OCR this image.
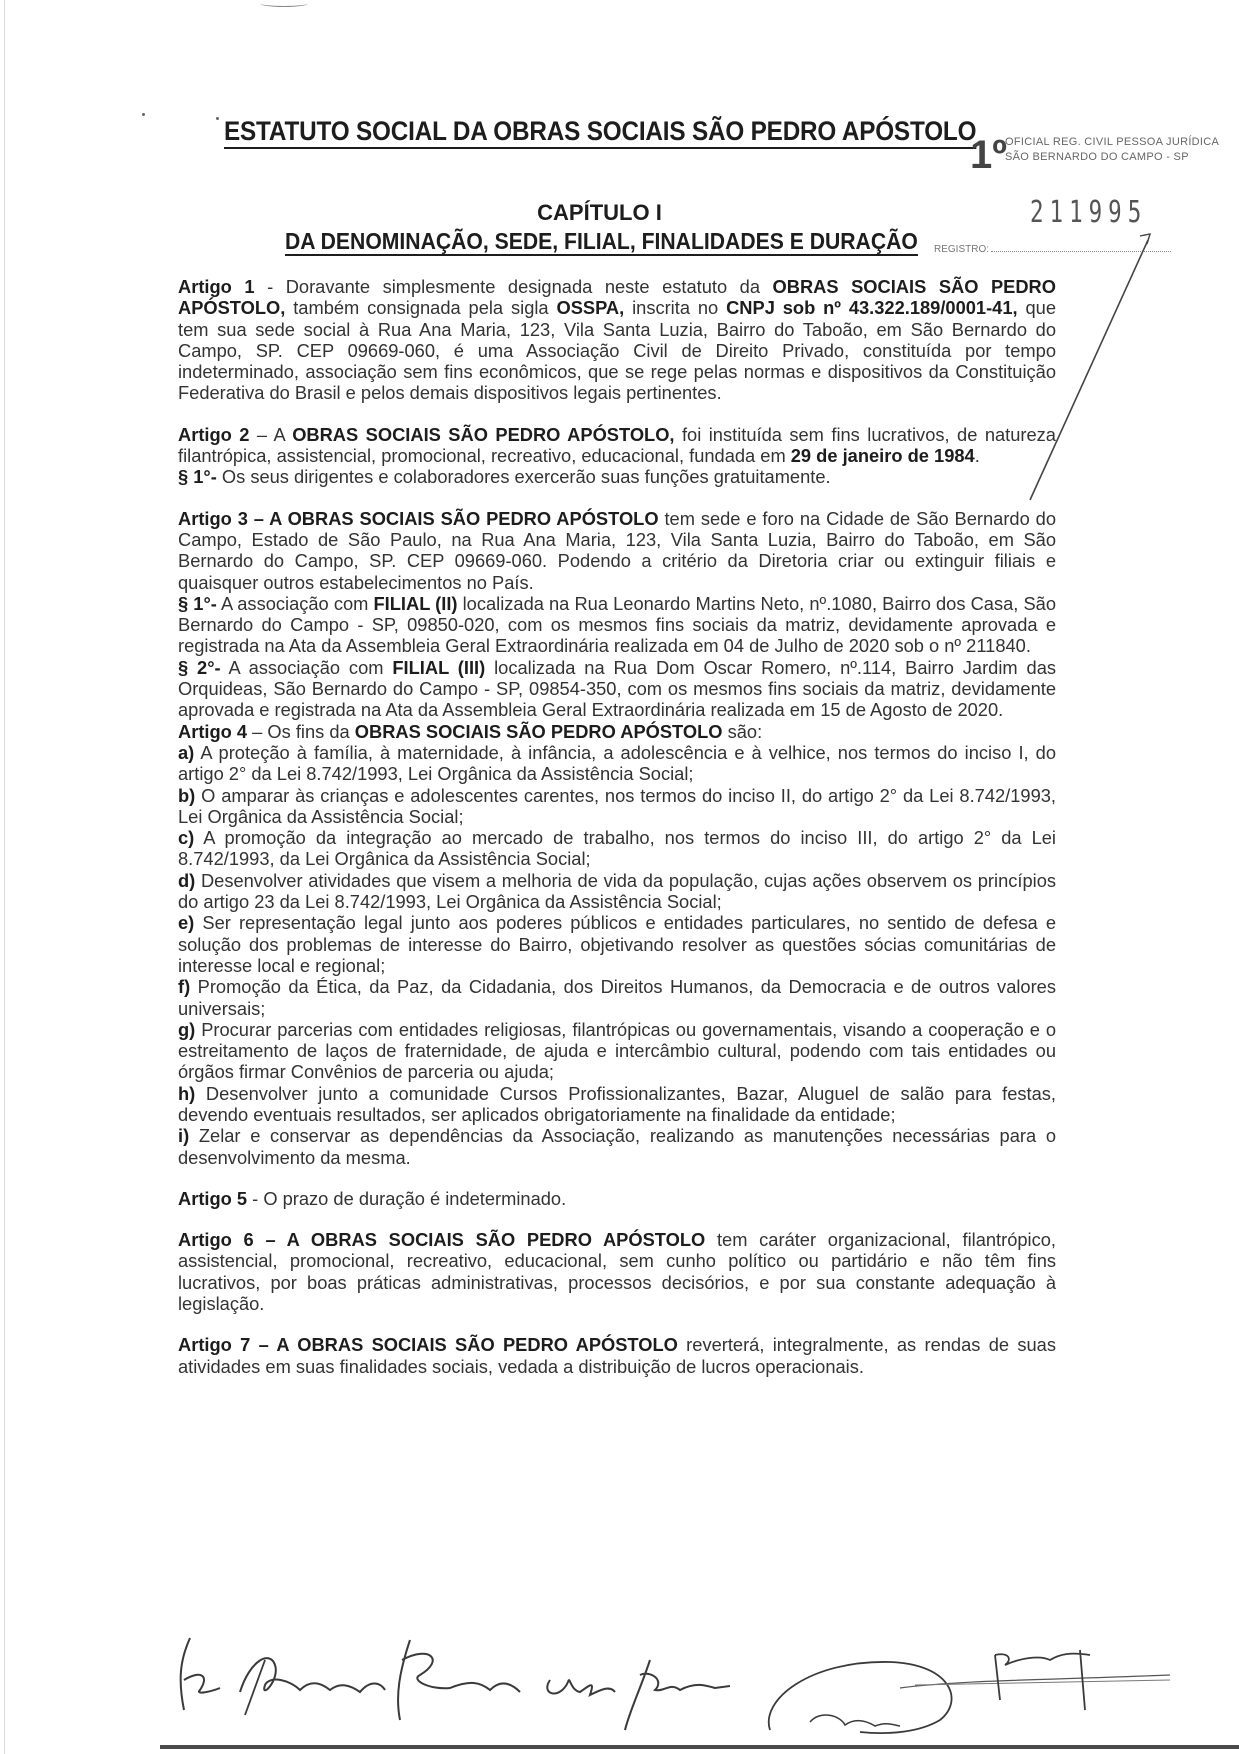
ESTATUTO SOCIAL DA OBRAS SOCIAIS SÃO PEDRO APÓSTOLO
1º
OFICIAL REG. CIVIL PESSOA JURÍDICA
SÃO BERNARDO DO CAMPO - SP
211995
REGISTRO:
CAPÍTULO I
DA DENOMINAÇÃO, SEDE, FILIAL, FINALIDADES E DURAÇÃO

Artigo 1 - Doravante simplesmente designada neste estatuto da OBRAS SOCIAIS SÃO PEDRO APÓSTOLO, também consignada pela sigla OSSPA, inscrita no CNPJ sob nº 43.322.189/0001-41, que tem sua sede social à Rua Ana Maria, 123, Vila Santa Luzia, Bairro do Taboão, em São Bernardo do Campo, SP. CEP 09669-060, é uma Associação Civil de Direito Privado, constituída por tempo indeterminado, associação sem fins econômicos, que se rege pelas normas e dispositivos da Constituição Federativa do Brasil e pelos demais dispositivos legais pertinentes.

Artigo 2 – A OBRAS SOCIAIS SÃO PEDRO APÓSTOLO, foi instituída sem fins lucrativos, de natureza filantrópica, assistencial, promocional, recreativo, educacional, fundada em 29 de janeiro de 1984.

§ 1°- Os seus dirigentes e colaboradores exercerão suas funções gratuitamente.

Artigo 3 – A OBRAS SOCIAIS SÃO PEDRO APÓSTOLO tem sede e foro na Cidade de São Bernardo do Campo, Estado de São Paulo, na Rua Ana Maria, 123, Vila Santa Luzia, Bairro do Taboão, em São Bernardo do Campo, SP. CEP 09669-060. Podendo a critério da Diretoria criar ou extinguir filiais e quaisquer outros estabelecimentos no País.

§ 1°- A associação com FILIAL (II) localizada na Rua Leonardo Martins Neto, nº.1080, Bairro dos Casa, São Bernardo do Campo - SP, 09850-020, com os mesmos fins sociais da matriz, devidamente aprovada e registrada na Ata da Assembleia Geral Extraordinária realizada em 04 de Julho de 2020 sob o nº 211840.

§ 2°- A associação com FILIAL (III) localizada na Rua Dom Oscar Romero, nº.114, Bairro Jardim das Orquideas, São Bernardo do Campo - SP, 09854-350, com os mesmos fins sociais da matriz, devidamente aprovada e registrada na Ata da Assembleia Geral Extraordinária realizada em 15 de Agosto de 2020.

Artigo 4 – Os fins da OBRAS SOCIAIS SÃO PEDRO APÓSTOLO são:

a) A proteção à família, à maternidade, à infância, a adolescência e à velhice, nos termos do inciso I, do artigo 2° da Lei 8.742/1993, Lei Orgânica da Assistência Social;

b) O amparar às crianças e adolescentes carentes, nos termos do inciso II, do artigo 2° da Lei 8.742/1993, Lei Orgânica da Assistência Social;

c) A promoção da integração ao mercado de trabalho, nos termos do inciso III, do artigo 2° da Lei 8.742/1993, da Lei Orgânica da Assistência Social;

d) Desenvolver atividades que visem a melhoria de vida da população, cujas ações observem os princípios do artigo 23 da Lei 8.742/1993, Lei Orgânica da Assistência Social;

e) Ser representação legal junto aos poderes públicos e entidades particulares, no sentido de defesa e solução dos problemas de interesse do Bairro, objetivando resolver as questões sócias comunitárias de interesse local e regional;

f) Promoção da Ética, da Paz, da Cidadania, dos Direitos Humanos, da Democracia e de outros valores universais;

g) Procurar parcerias com entidades religiosas, filantrópicas ou governamentais, visando a cooperação e o estreitamento de laços de fraternidade, de ajuda e intercâmbio cultural, podendo com tais entidades ou órgãos firmar Convênios de parceria ou ajuda;

h) Desenvolver junto a comunidade Cursos Profissionalizantes, Bazar, Aluguel de salão para festas, devendo eventuais resultados, ser aplicados obrigatoriamente na finalidade da entidade;

i) Zelar e conservar as dependências da Associação, realizando as manutenções necessárias para o desenvolvimento da mesma.

Artigo 5 - O prazo de duração é indeterminado.

Artigo 6 – A OBRAS SOCIAIS SÃO PEDRO APÓSTOLO tem caráter organizacional, filantrópico, assistencial, promocional, recreativo, educacional, sem cunho político ou partidário e não têm fins lucrativos, por boas práticas administrativas, processos decisórios, e por sua constante adequação à legislação.

Artigo 7 – A OBRAS SOCIAIS SÃO PEDRO APÓSTOLO reverterá, integralmente, as rendas de suas atividades em suas finalidades sociais, vedada a distribuição de lucros operacionais.
